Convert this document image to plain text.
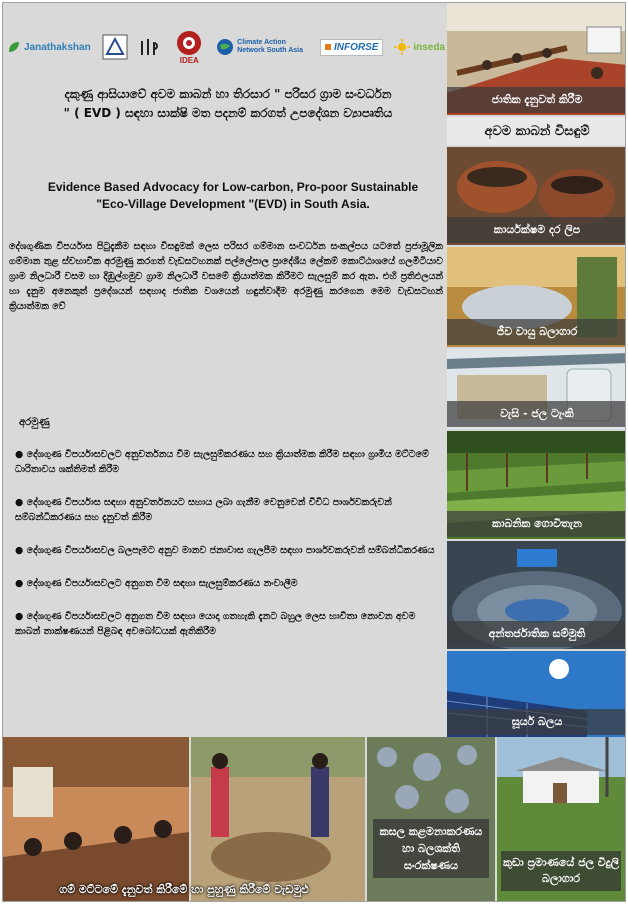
Janathakshan
IDEA
Climate Action Network South Asia	INFORSE	inseda
දකුණු ආසියාවේ අවම කාබන් හා තිරසාර " පරිසර ග්‍රාම සංවර්ධන " ( EVD ) සඳහා සාක්ෂි මත පදනම් කරගත් උපදේශන ව්‍යාපෘතිය
Evidence Based Advocacy for Low-carbon, Pro-poor Sustainable "Eco-Village Development "(EVD) in South Asia.
දේශගුණික විපර්යාස පිටුදැකීම සඳහා විසඳුමක් ලෙස පරිසර ගම්මාන සංවර්ධන සංකල්පය යටතේ ප්‍රජාමූලික ගම්මාන තුළ ස්වභාවික අරමුණු කරගත් වැඩසටහනක් පල්ලේපාල ප්‍රාදේශීය ලේකම් කොට්ඨාශයේ ගලමිටියාව ග්‍රාම නිලධාරී වසම හා දිඹුල්ගමුව ග්‍රාම නිලධාරී වසමේ ක්‍රියාත්මක කිරීමට සැලසුම් කර ඇත. එහි ප්‍රතිඵලයන් හා දැනුම අනෙකුත් ප්‍රදේශයන් සඳහාද ජාතික වශයෙන් හඳුන්වාදීම අරමුණු කරගෙන මෙම වැඩසටහන් ක්‍රියාත්මක වේ
අරමුණු
● දේශගුණ විපර්යාසවලට අනුවර්තනය වීම සැලසුම්කරණය සහ ක්‍රියාත්මක කිරීම සඳහා ග්‍රාමීය මට්ටමේ ධාරිතාවය ශක්තිමත් කිරීම
● දේශගුණ විපර්යාස සඳහා අනුවර්තනයට සහාය ලබා ගැනීම වෙනුවෙන් විවිධ පාර්ශවකරුවන් සම්බන්ධීකරණය සහ දැනුවත් කිරීම
● දේශගුණ විපර්යාසවල බලපෑමට අනුව මානව ජනාවාස ගැලපීම සඳහා පාර්ශවකරුවන් සම්බන්ධීකරණය
● දේශගුණ විපර්යාසවලට අනුගත වීම සඳහා සැලසුම්කරණය නංවාලීම
● දේශගුණ විපර්යාසවලට අනුගත වීම සඳහා යොදා ගතහැකි දැනට බහුල ලෙස භාවිතා නොවන අවම කාබන් තාක්ෂණයන් පිළිබඳ අවබෝධයක් ඇතිකිරීම
ජාතික දැනුවත් කිරීම
අවම කාබන් විසඳුම්
කාර්යක්ෂම දර ලිප
ජීව වායු බලාගාර
වැසි - ජල ටැංකි
කාබනික ගොවිතැන
අන්තර්ජාතික සම්මුති
සූර්ය බලය
කසල කළමනාකරණය හා බලශක්ති සංරක්ෂණය	කුඩා ප්‍රමාණයේ ජල විදුලි බලාගාර
ගම් මට්ටමේ දැනුවත් කිරීමේ හා පුහුණු කිරීමේ වැඩමුළු
